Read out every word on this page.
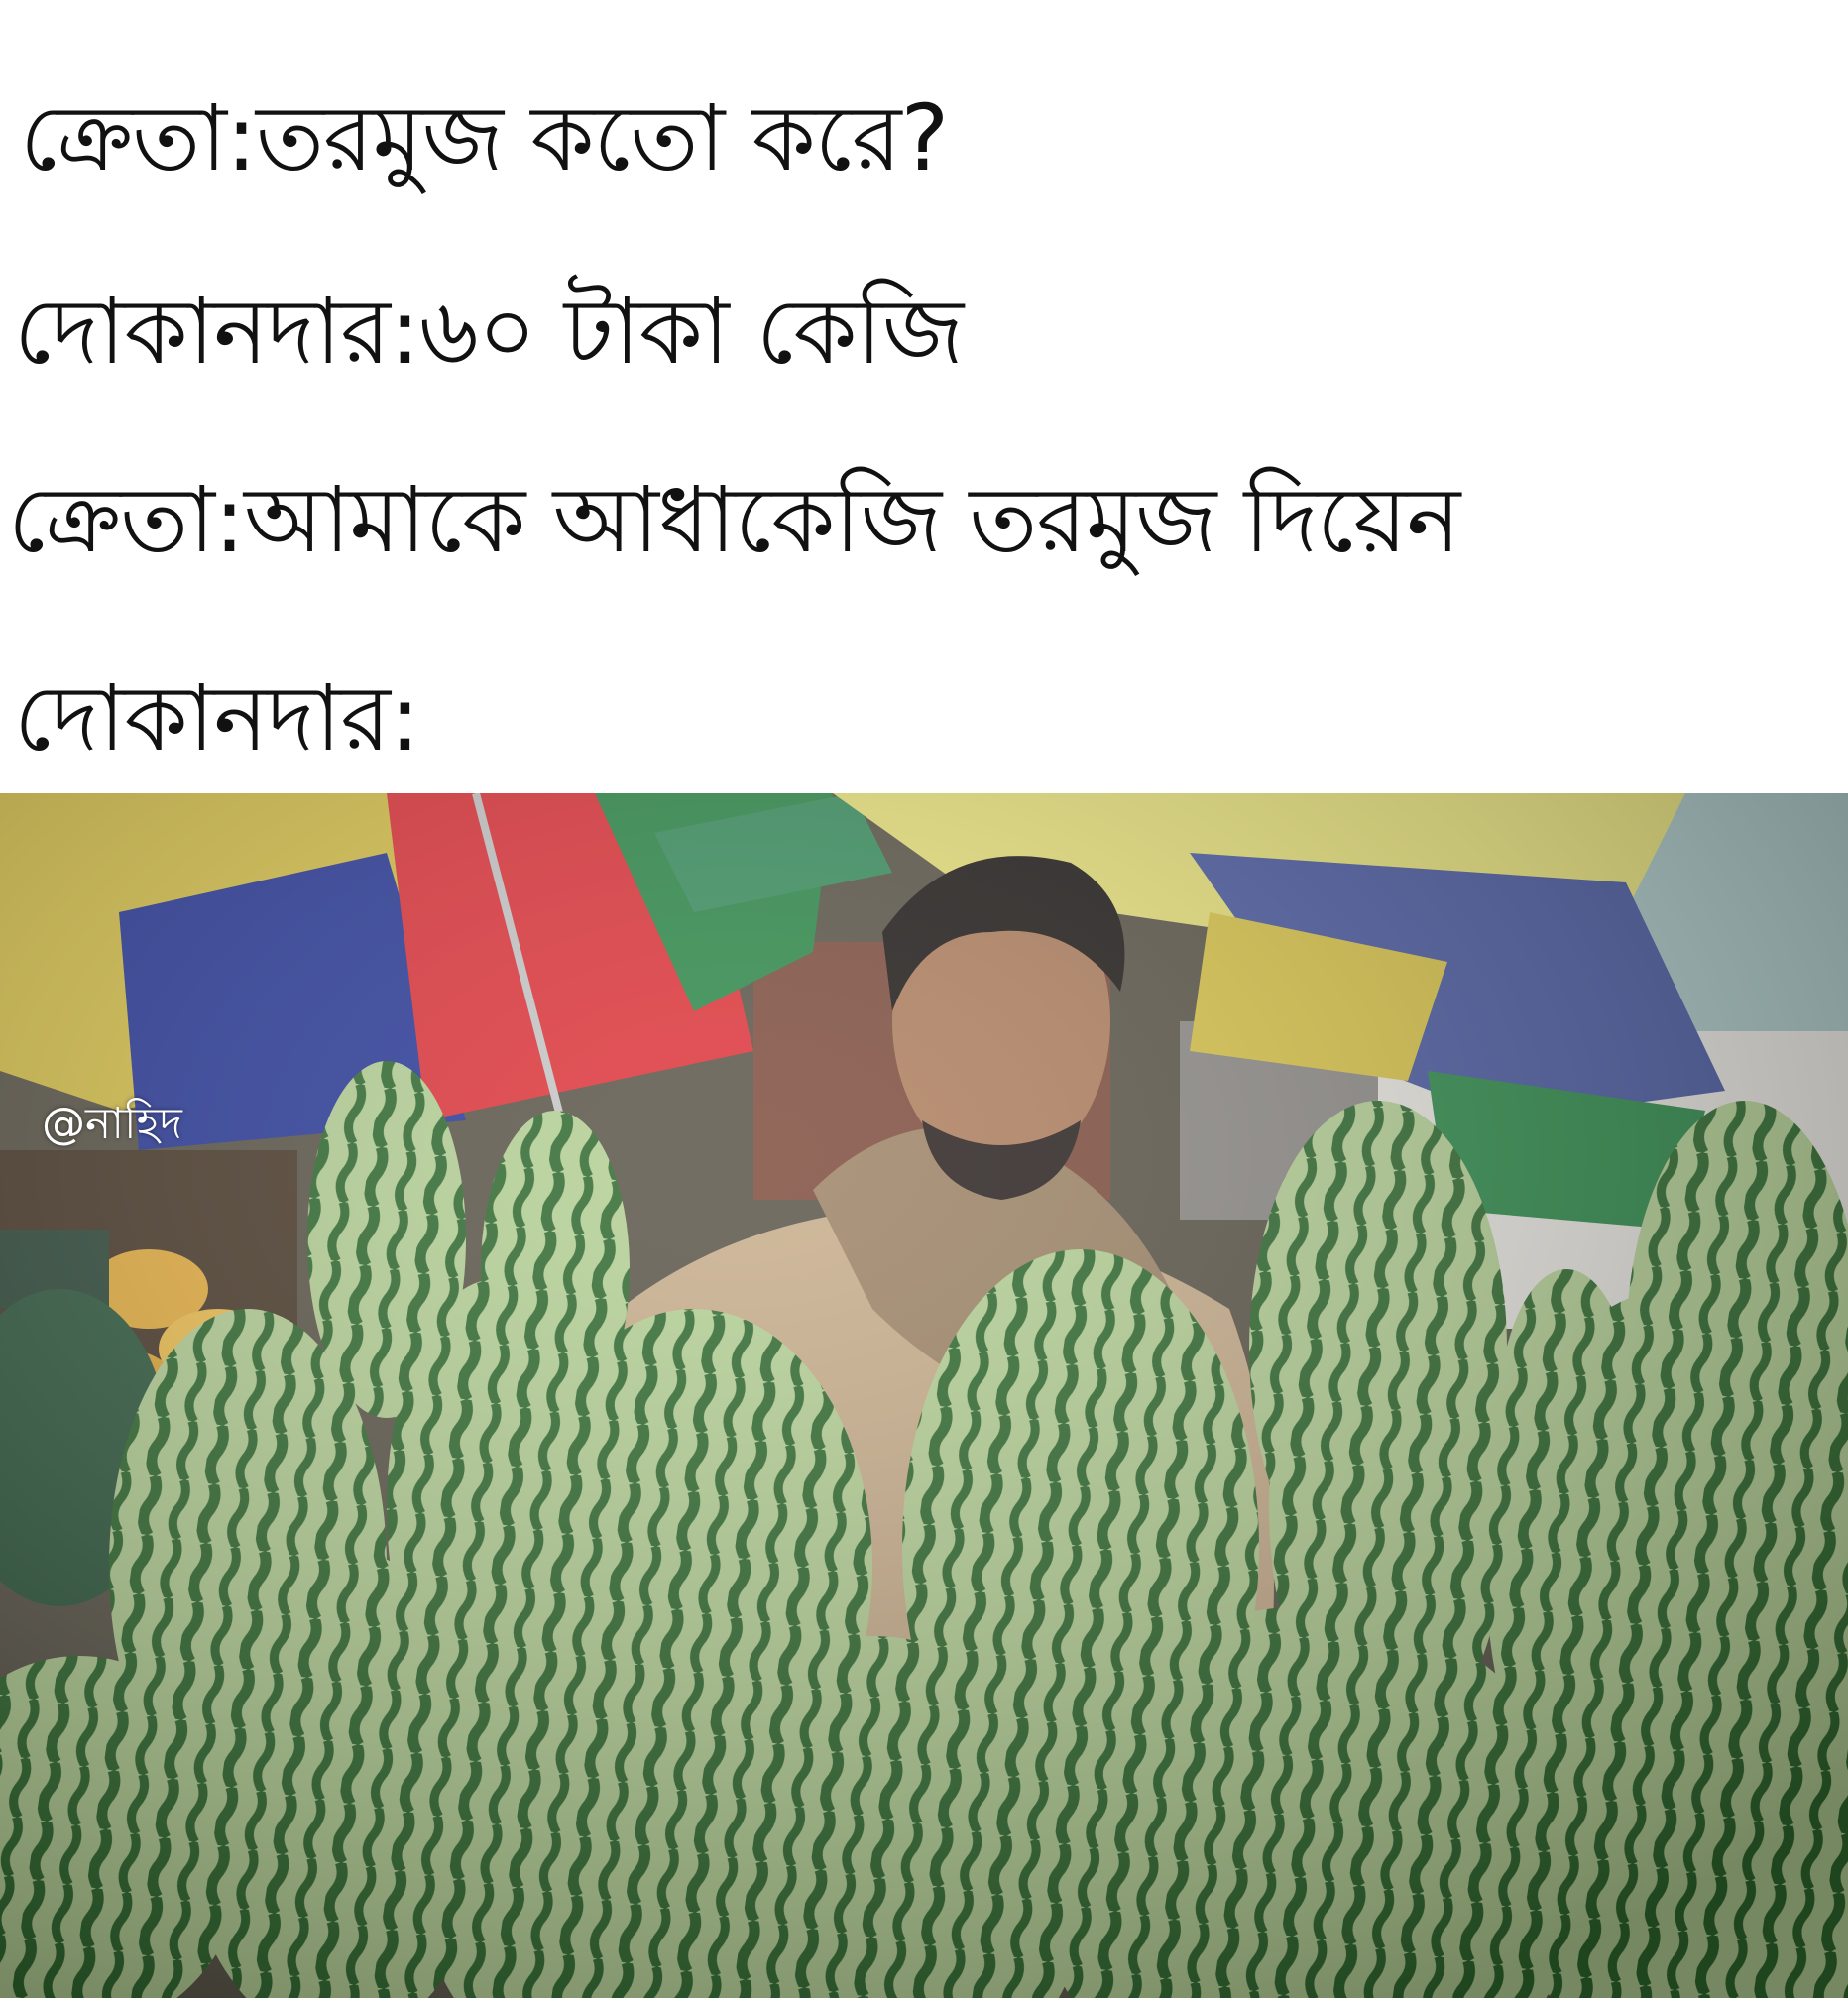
ক্রেতা:তরমুজ কতো করে?
দোকানদার:৬০ টাকা কেজি
ক্রেতা:আমাকে আধাকেজি তরমুজ দিয়েন
দোকানদার:
@নাহিদ
